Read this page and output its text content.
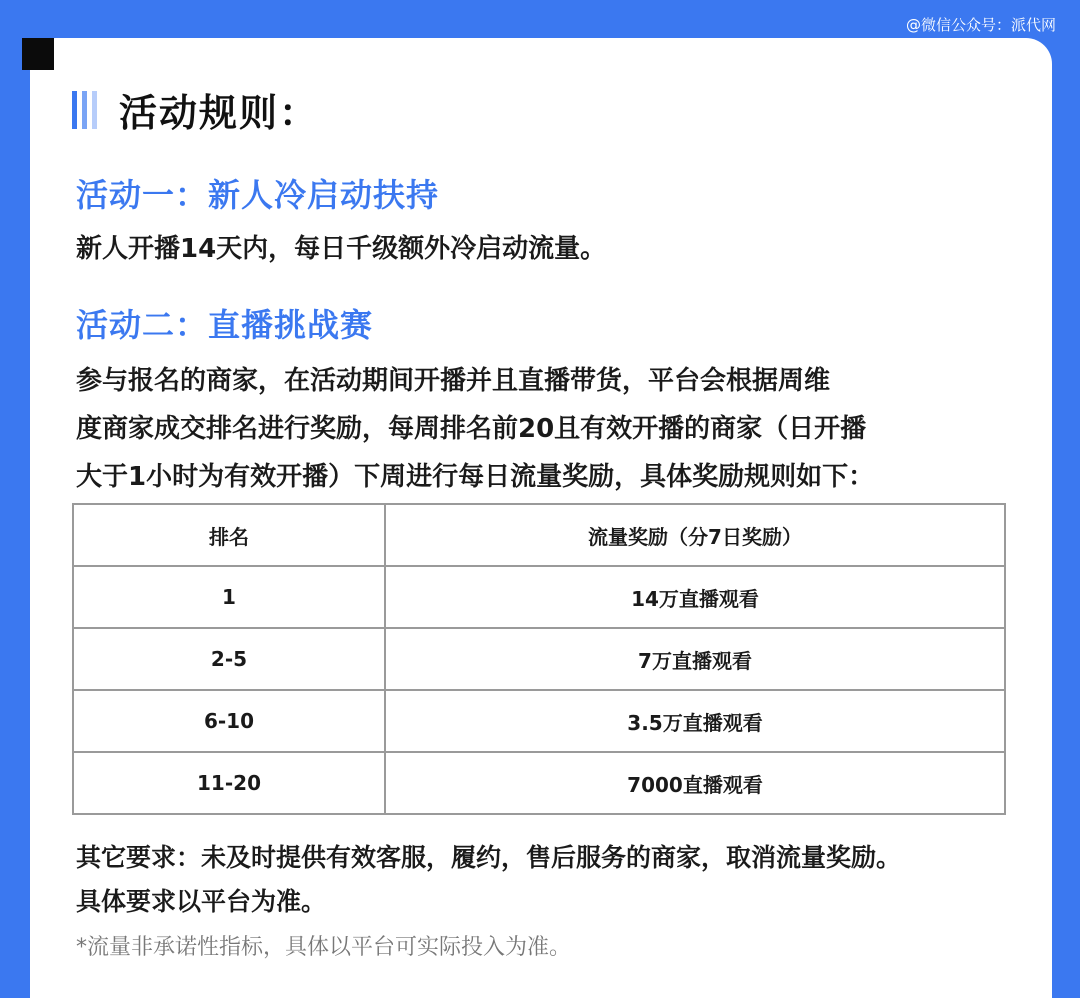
@微信公众号：派代网
活动规则：
活动一：新人冷启动扶持

新人开播14天内，每日千级额外冷启动流量。

活动二：直播挑战赛

参与报名的商家，在活动期间开播并且直播带货，平台会根据周维

度商家成交排名进行奖励，每周排名前20且有效开播的商家（日开播

大于1小时为有效开播）下周进行每日流量奖励，具体奖励规则如下：

排名	流量奖励（分7日奖励）
1	14万直播观看
2-5	7万直播观看
6-10	3.5万直播观看
11-20	7000直播观看

其它要求：未及时提供有效客服，履约，售后服务的商家，取消流量奖励。

具体要求以平台为准。

*流量非承诺性指标，具体以平台可实际投入为准。
